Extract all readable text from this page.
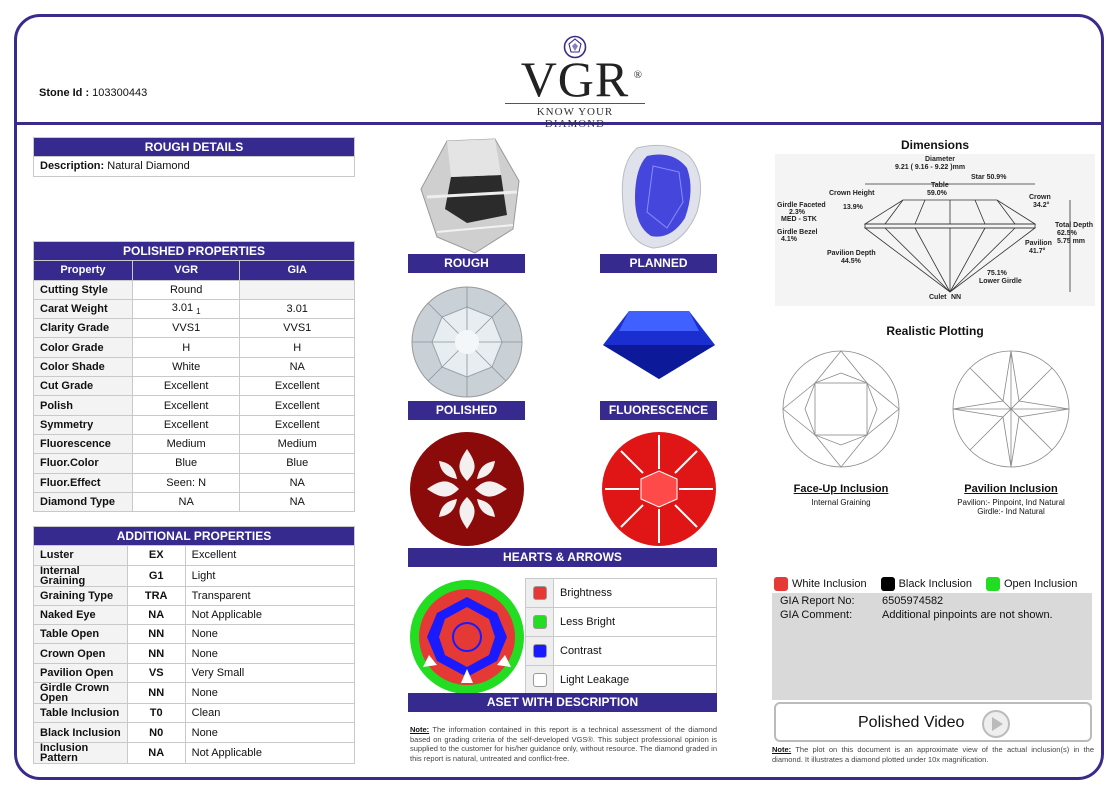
Stone Id : 103300443	VGR ®
KNOW YOUR DIAMOND
ROUGH DETAILS
Description: Natural Diamond
POLISHED PROPERTIES		
Property	VGR	GIA
Cutting Style	Round	
Carat Weight	3.01 $_1$	3.01
Clarity Grade	VVS1	VVS1
Color Grade	H	H
Color Shade	White	NA
Cut Grade	Excellent	Excellent
Polish	Excellent	Excellent
Symmetry	Excellent	Excellent
Fluorescence	Medium	Medium
Fluor.Color	Blue	Blue
Fluor.Effect	Seen: N	NA
Diamond Type	NA	NA
ADDITIONAL PROPERTIES		
Luster	EX	Excellent
Internal Graining	G1	Light
Graining Type	TRA	Transparent
Naked Eye	NA	Not Applicable
Table Open	NN	None
Crown Open	NN	None
Pavilion Open	VS	Very Small
Girdle Crown Open	NN	None
Table Inclusion	T0	Clean
Black Inclusion	N0	None
Inclusion Pattern	NA	Not Applicable
ROUGH	PLANNED
POLISHED	FLUORESCENCE
HEARTS & ARROWS
	Brightness
	Less Bright
	Contrast
	Light Leakage
ASET WITH DESCRIPTION
Note: The information contained in this report is a technical assessment of the diamond based on grading criteria of the self-developed VGS®. This subject professional opinion is supplied to the customer for his/her guidance only, without resource. The diamond graded in this report is natural, untreated and conflict-free.
Dimensions
Diameter
9.21 ( 9.16 - 9.22 )mm
Star 50.9%
Table
59.0%
Crown Height
13.9%
Crown
34.2°
Girdle Faceted
2.3%
MED - STK
Girdle Bezel
4.1%
Total Depth
62.5%
5.75 mm
Pavilion
41.7°
Pavilion Depth
44.5%
75.1%
Lower Girdle
Culet NN
Realistic Plotting
Face-Up Inclusion
Internal Graining
Pavilion Inclusion
Pavilion:- Pinpoint, Ind Natural
Girdle:- Ind Natural
White Inclusion	Black Inclusion	Open Inclusion
GIA Report No: 6505974582
GIA Comment:	Additional pinpoints are not shown.
Polished Video
Note: The plot on this document is an approximate view of the actual inclusion(s) in the diamond. It illustrates a diamond plotted under 10x magnification.
